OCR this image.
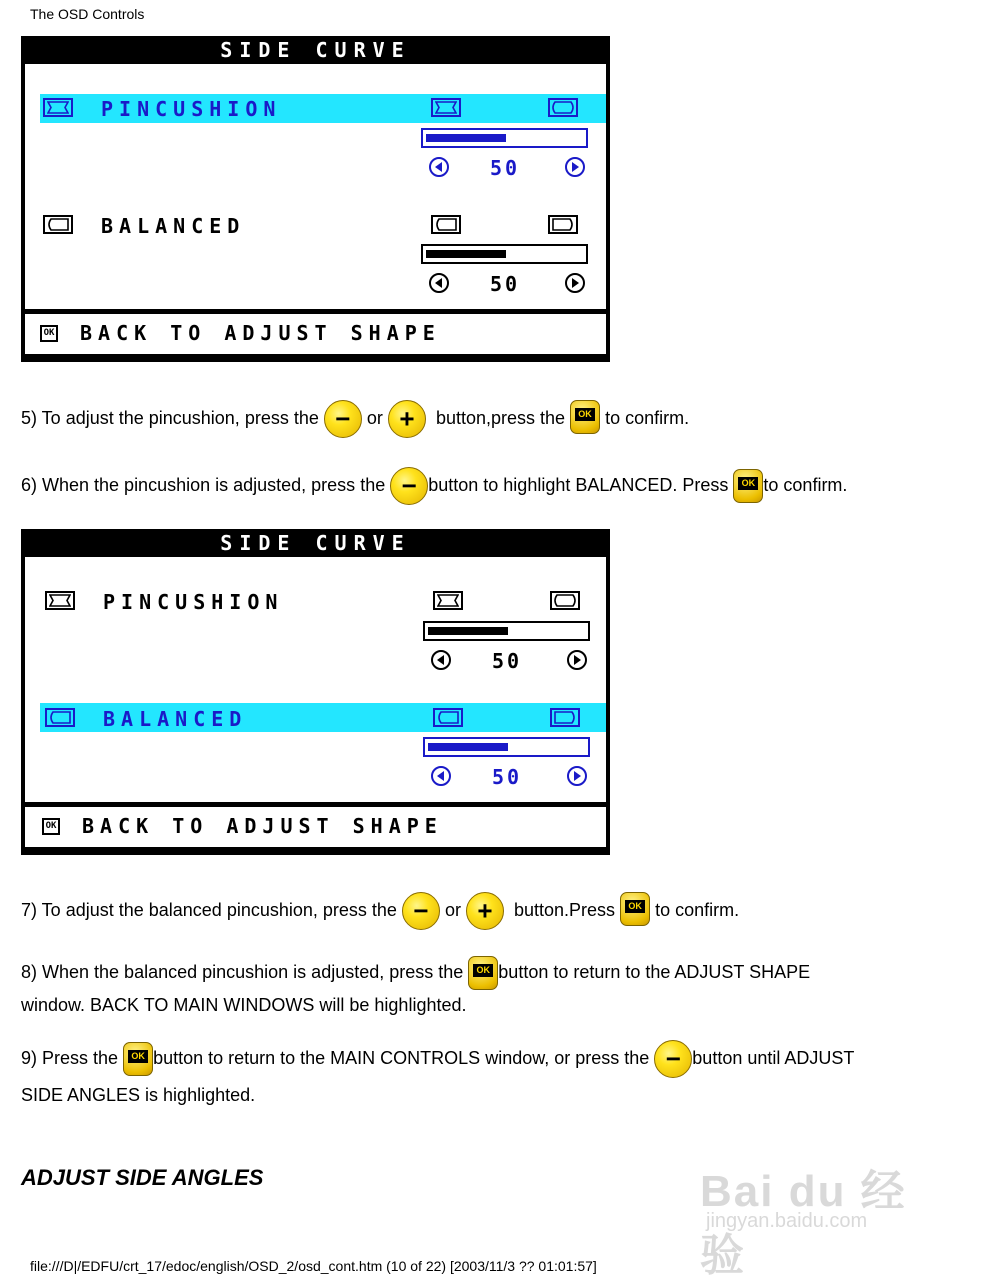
The OSD Controls
SIDE CURVE
PINCUSHION
50
BALANCED
50
OK BACK TO ADJUST SHAPE
5) To adjust the pincushion, press the − or +	button,press the	OK to confirm.
6) When the pincushion is adjusted, press the − button to highlight BALANCED. Press	OK to confirm.
SIDE CURVE
PINCUSHION
50
BALANCED
50
OK BACK TO ADJUST SHAPE
7) To adjust the balanced pincushion, press the − or +	button.Press	OK to confirm.
8) When the balanced pincushion is adjusted, press the	OK button to return to the ADJUST SHAPE
window. BACK TO MAIN WINDOWS will be highlighted.
9) Press the	OK button to return to the MAIN CONTROLS window, or press the − button until ADJUST
SIDE ANGLES is highlighted.
ADJUST SIDE ANGLES	Bai du 经验
jingyan.baidu.com
file:///D|/EDFU/crt_17/edoc/english/OSD_2/osd_cont.htm (10 of 22) [2003/11/3 ?? 01:01:57]
